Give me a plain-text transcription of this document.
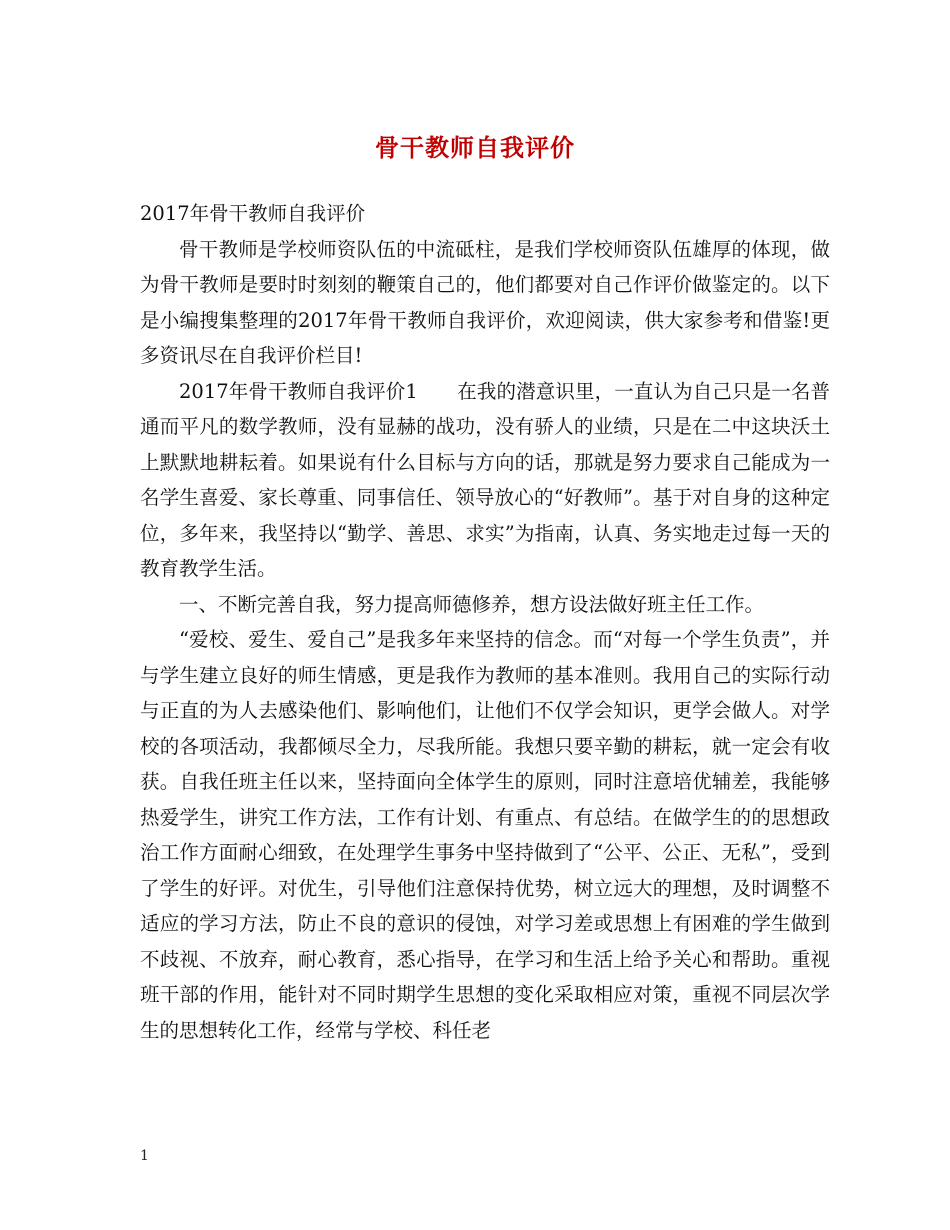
骨干教师自我评价

2017年骨干教师自我评价

骨干教师是学校师资队伍的中流砥柱，是我们学校师资队伍雄厚的体现，做为骨干教师是要时时刻刻的鞭策自己的，他们都要对自己作评价做鉴定的。以下是小编搜集整理的2017年骨干教师自我评价，欢迎阅读，供大家参考和借鉴!更多资讯尽在自我评价栏目!

2017年骨干教师自我评价1　　在我的潜意识里，一直认为自己只是一名普通而平凡的数学教师，没有显赫的战功，没有骄人的业绩，只是在二中这块沃土上默默地耕耘着。如果说有什么目标与方向的话，那就是努力要求自己能成为一名学生喜爱、家长尊重、同事信任、领导放心的“好教师”。基于对自身的这种定位，多年来，我坚持以“勤学、善思、求实”为指南，认真、务实地走过每一天的教育教学生活。

一、不断完善自我，努力提高师德修养，想方设法做好班主任工作。

“爱校、爱生、爱自己”是我多年来坚持的信念。而“对每一个学生负责”，并与学生建立良好的师生情感，更是我作为教师的基本准则。我用自己的实际行动与正直的为人去感染他们、影响他们，让他们不仅学会知识，更学会做人。对学校的各项活动，我都倾尽全力，尽我所能。我想只要辛勤的耕耘，就一定会有收获。自我任班主任以来，坚持面向全体学生的原则，同时注意培优辅差，我能够热爱学生，讲究工作方法，工作有计划、有重点、有总结。在做学生的的思想政治工作方面耐心细致，在处理学生事务中坚持做到了“公平、公正、无私”，受到了学生的好评。对优生，引导他们注意保持优势，树立远大的理想，及时调整不适应的学习方法，防止不良的意识的侵蚀，对学习差或思想上有困难的学生做到不歧视、不放弃，耐心教育，悉心指导，在学习和生活上给予关心和帮助。重视班干部的作用，能针对不同时期学生思想的变化采取相应对策，重视不同层次学生的思想转化工作，经常与学校、科任老

1
